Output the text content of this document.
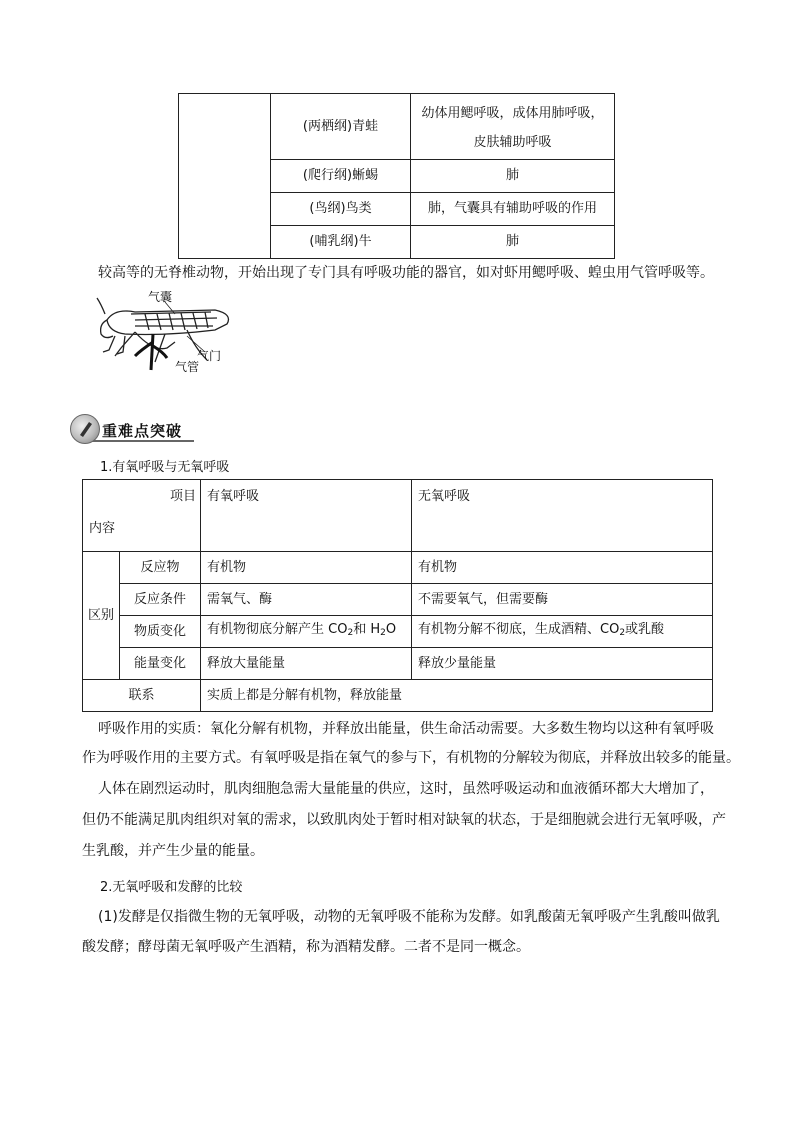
	(两栖纲)青蛙	幼体用鳃呼吸，成体用肺呼吸，
皮肤辅助呼吸

	(爬行纲)蜥蜴	肺
	(鸟纲)鸟类	肺，气囊具有辅助呼吸的作用
	(哺乳纲)牛	肺
较高等的无脊椎动物，开始出现了专门具有呼吸功能的器官，如对虾用鳃呼吸、蝗虫用气管呼吸等。
气囊
气门
气管
重难点突破
1.有氧呼吸与无氧呼吸
项目
内容		有氧呼吸	无氧呼吸
区别	反应物	有机物	有机物
	反应条件	需氧气、酶	不需要氧气，但需要酶
	物质变化	有机物彻底分解产生 $CO_2$和 $H_2O$	有机物分解不彻底，生成酒精、$CO_2$或乳酸
	能量变化	释放大量能量	释放少量能量
联系		实质上都是分解有机物，释放能量	
呼吸作用的实质：氧化分解有机物，并释放出能量，供生命活动需要。大多数生物均以这种有氧呼吸
作为呼吸作用的主要方式。有氧呼吸是指在氧气的参与下，有机物的分解较为彻底，并释放出较多的能量。
人体在剧烈运动时，肌肉细胞急需大量能量的供应，这时，虽然呼吸运动和血液循环都大大增加了，
但仍不能满足肌肉组织对氧的需求，以致肌肉处于暂时相对缺氧的状态，于是细胞就会进行无氧呼吸，产
生乳酸，并产生少量的能量。
2.无氧呼吸和发酵的比较
(1)发酵是仅指微生物的无氧呼吸，动物的无氧呼吸不能称为发酵。如乳酸菌无氧呼吸产生乳酸叫做乳
酸发酵；酵母菌无氧呼吸产生酒精，称为酒精发酵。二者不是同一概念。
